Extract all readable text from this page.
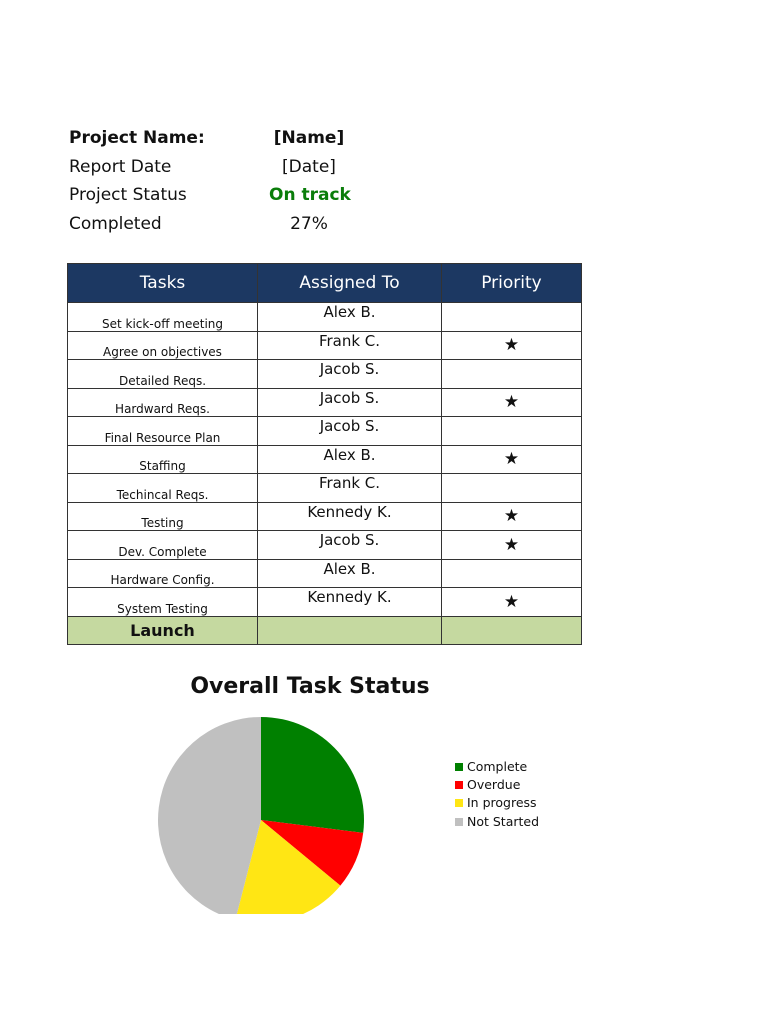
Project Name:	[Name]
Report Date	[Date]
Project Status	On track
Completed	27%
Tasks	Assigned To	Priority
Set kick-off meeting	Alex B.	
Agree on objectives	Frank C.	★
Detailed Reqs.	Jacob S.	
Hardward Reqs.	Jacob S.	★
Final Resource Plan	Jacob S.	
Staffing	Alex B.	★
Techincal Reqs.	Frank C.	
Testing	Kennedy K.	★
Dev. Complete	Jacob S.	★
Hardware Config.	Alex B.	
System Testing	Kennedy K.	★
Launch		
Overall Task Status
Complete
Overdue
In progress
Not Started
